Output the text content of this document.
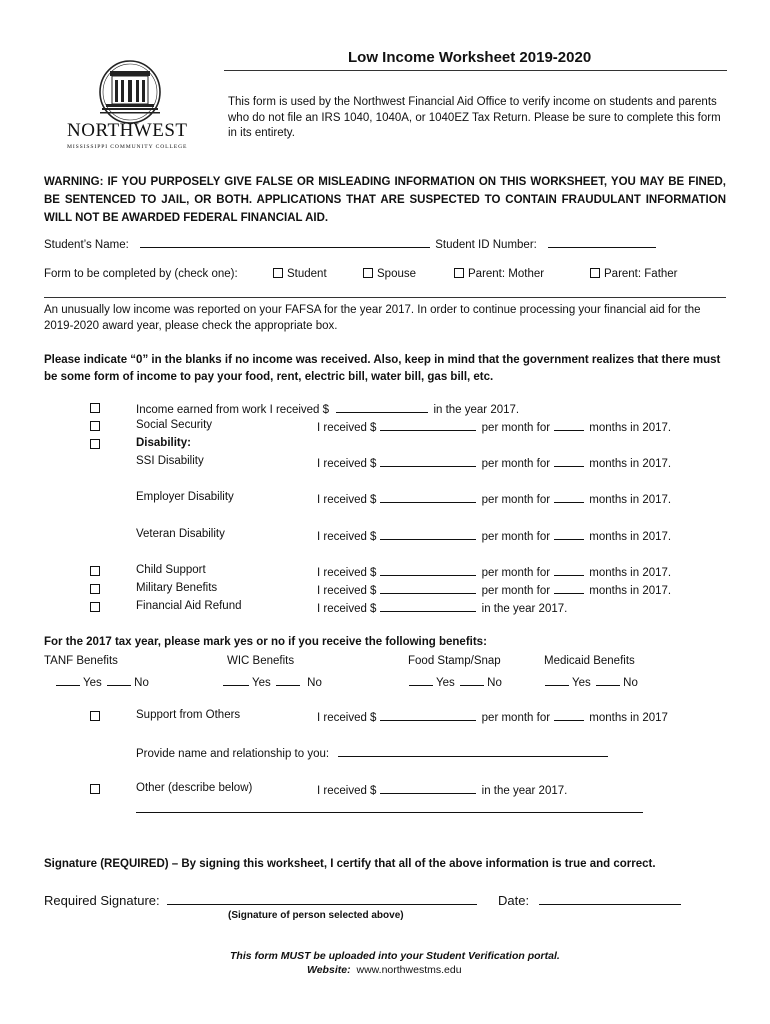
NORTHWEST
MISSISSIPPI COMMUNITY COLLEGE
Low Income Worksheet 2019-2020
This form is used by the Northwest Financial Aid Office to verify income on students and parents who do not file an IRS 1040, 1040A, or 1040EZ Tax Return. Please be sure to complete this form in its entirety.
WARNING: IF YOU PURPOSELY GIVE FALSE OR MISLEADING INFORMATION ON THIS WORKSHEET, YOU MAY BE FINED, BE SENTENCED TO JAIL, OR BOTH. APPLICATIONS THAT ARE SUSPECTED TO CONTAIN FRAUDULANT INFORMATION WILL NOT BE AWARDED FEDERAL FINANCIAL AID.
Student’s Name:	Student ID Number:
Form to be completed by (check one):	Student	Spouse	Parent: Mother	Parent: Father
An unusually low income was reported on your FAFSA for the year 2017. In order to continue processing your financial aid for the 2019-2020 award year, please check the appropriate box.
Please indicate “0” in the blanks if no income was received. Also, keep in mind that the government realizes that there must be some form of income to pay your food, rent, electric bill, water bill, gas bill, etc.
Income earned from work I received $	in the year 2017.
Social Security	I received $	per month for	months in 2017.
Disability:
SSI Disability	I received $	per month for	months in 2017.
Employer Disability	I received $	per month for	months in 2017.
Veteran Disability	I received $	per month for	months in 2017.
Child Support	I received $	per month for	months in 2017.
Military Benefits	I received $	per month for	months in 2017.
Financial Aid Refund	I received $	in the year 2017.
For the 2017 tax year, please mark yes or no if you receive the following benefits:
TANF Benefits	WIC Benefits	Food Stamp/Snap	Medicaid Benefits
Yes	No	Yes	No	Yes	No	Yes	No
Support from Others	I received $	per month for	months in 2017
Provide name and relationship to you:
Other (describe below)	I received $	in the year 2017.
Signature (REQUIRED) – By signing this worksheet, I certify that all of the above information is true and correct.
Required Signature:	Date:
(Signature of person selected above)
This form MUST be uploaded into your Student Verification portal.
Website: www.northwestms.edu
